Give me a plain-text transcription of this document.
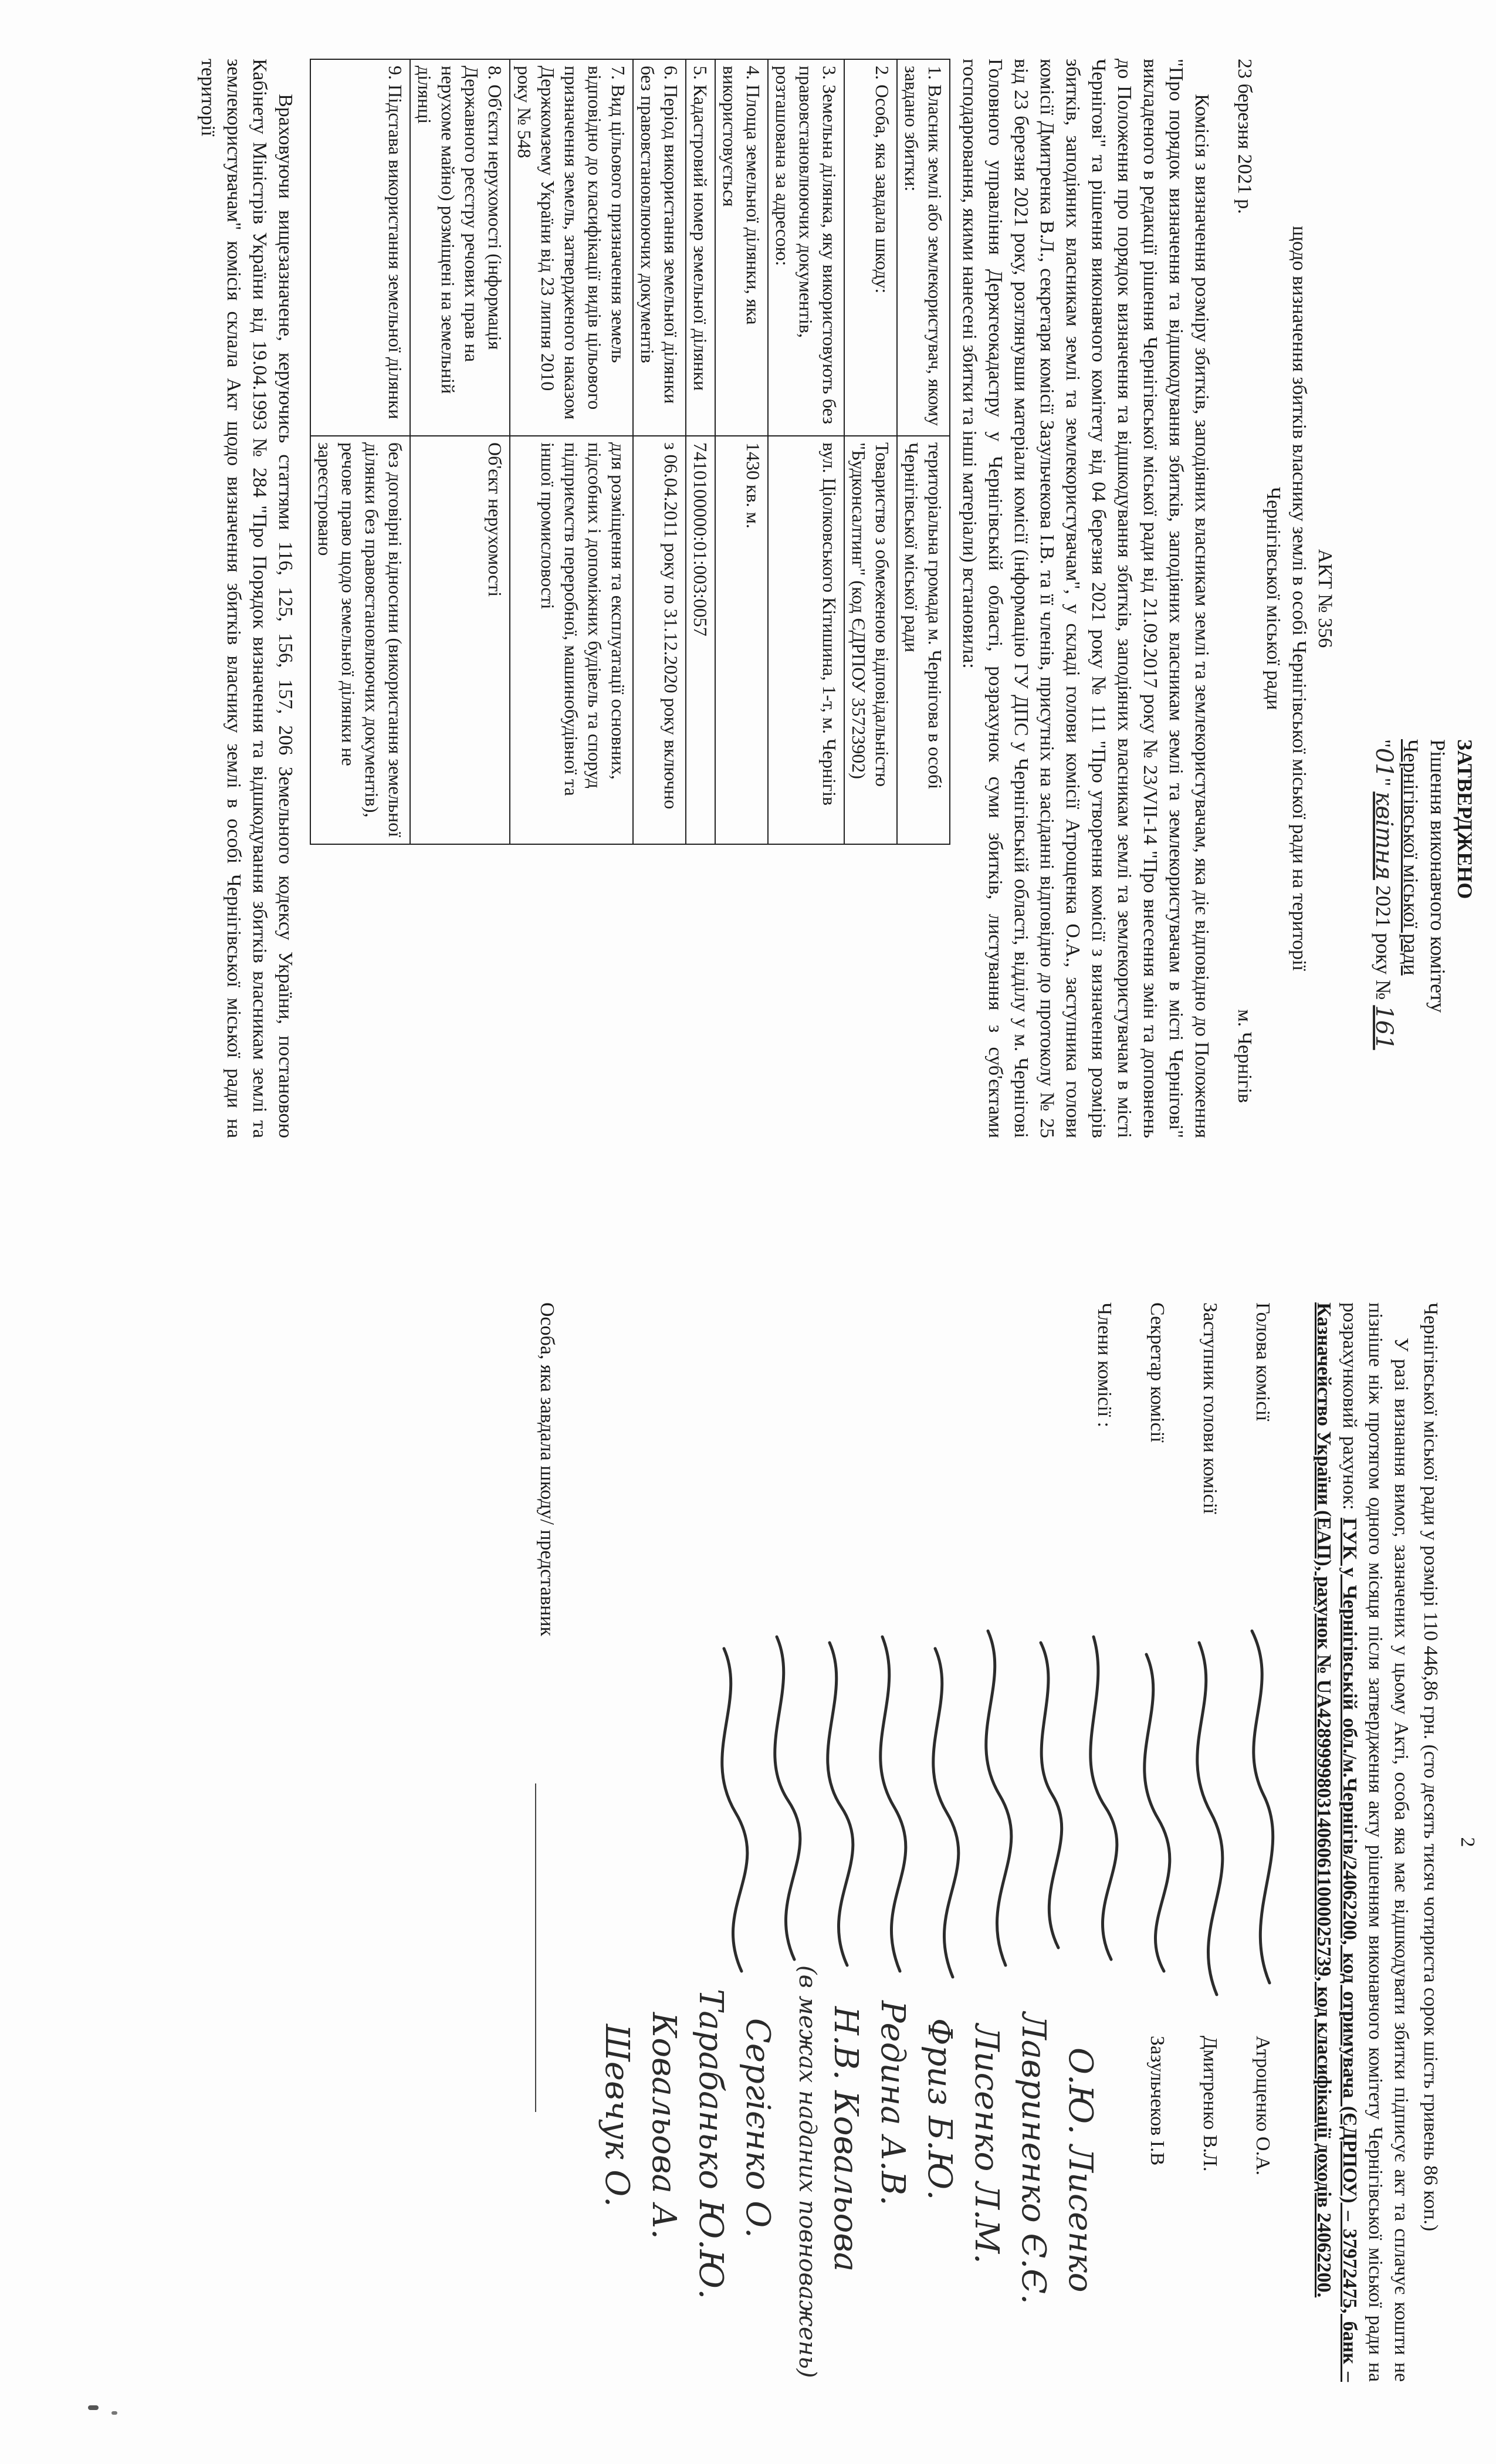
ЗАТВЕРДЖЕНО
Рішення виконавчого комітету
Чернігівської міської ради
"01" квітня 2021 року № 161
АКТ № 356
щодо визначення збитків власнику землі в особі Чернігівської міської ради на території
Чернігівської міської ради
23 березня 2021 р.
м. Чернігів

Комісія з визначення розміру збитків, заподіяних власникам землі та землекористувачам, яка діє відповідно до Положення "Про порядок визначення та відшкодування збитків, заподіяних власникам землі та землекористувачам в місті Чернігові" викладеного в редакції рішення Чернігівської міської ради від 21.09.2017 року № 23/VII-14 "Про внесення змін та доповнень до Положення про порядок визначення та відшкодування збитків, заподіяних власникам землі та землекористувачам в місті Чернігові" та рішення виконавчого комітету від 04 березня 2021 року № 111 "Про утворення комісії з визначення розмірів збитків, заподіяних власникам землі та землекористувачам", у складі голови комісії Атрощенка О.А., заступника голови комісії Дмитренка В.Л., секретаря комісії Зазульчекова І.В. та її членів, присутніх на засіданні відповідно до протоколу № 25 від 23 березня 2021 року, розглянувши матеріали комісії (інформацію ГУ ДПС у Чернігівській області, відділу у м. Чернігові Головного управління Держгеокадастру у Чернігівській області, розрахунок суми збитків, листування з суб'єктами господарювання, якими нанесені збитки та інші матеріали) встановила:

1. Власник землі або землекористувач, якому завдано збитки:	територіальна громада м. Чернігова в особі Чернігівської міської ради
2. Особа, яка завдала шкоду:	Товариство з обмеженою відповідальністю "Будконсалтинг" (код ЄДРПОУ 35723902)
3. Земельна ділянка, яку використовують без правовстановлюючих документів, розташована за адресою:	вул. Ціолковського Кітишина, 1-т, м. Чернігів
4. Площа земельної ділянки, яка використовується	1430 кв. м.
5. Кадастровий номер земельної ділянки	7410100000:01:003:0057
6. Період використання земельної ділянки без правовстановлюючих документів	з 06.04.2011 року по 31.12.2020 року включно
7. Вид цільового призначення земель відповідно до класифікації видів цільового призначення земель, затвердженого наказом Держкомзему України від 23 липня 2010 року № 548	для розміщення та експлуатації основних, підсобних і допоміжних будівель та споруд підприємств переробної, машинобудівної та іншої промисловості
8. Об'єкти нерухомості (інформація Державного реєстру речових прав на нерухоме майно) розміщені на земельній ділянці	Об'єкт нерухомості
9. Підстава використання земельної ділянки	без договірні відносини (використання земельної ділянки без правовстановлюючих документів), речове право щодо земельної ділянки не зареєстровано

Враховуючи вищезазначене, керуючись статтями 116, 125, 156, 157, 206 Земельного кодексу України, постановою Кабінету Міністрів України від 19.04.1993 № 284 "Про Порядок визначення та відшкодування збитків власникам землі та землекористувачам" комісія склала Акт щодо визначення збитків власнику землі в особі Чернігівської міської ради на території

2

Чернігівської міської ради у розмірі 110 446,86 грн. (сто десять тисяч чотириста сорок шість гривень 86 коп.)

У разі визнання вимог, зазначених у цьому Акті, особа яка має відшкодувати збитки підписує акт та сплачує кошти не пізніше ніж протягом одного місяця після затвердження акту рішенням виконавчого комітету Чернігівської міської ради на розрахунковий рахунок: ГУК у Чернігівській обл./м.Чернігів/24062200, код отримувача (ЄДРПОУ) – 37972475, банк – Казначейство України (ЕАП), рахунок № UA428999980314060611000025739, код класифікації доходів 24062200.

Голова комісії
Атрощенко О.А.
Заступник голови комісії
Дмитренко В.Л.
Секретар комісії
Зазульчеков І.В
Члени комісії :
О.Ю. Лисенко
Лавриненко Є.Є.
Лисенко Л.М.
Фриз Б.Ю.
Редина А.В.
Н.В. Ковальова
(в межах наданих повноважень)
Сергієнко О.
Тарабанько Ю.Ю.
Ковальова А.
Шевчук О.
Особа, яка завдала шкоду/ представник
